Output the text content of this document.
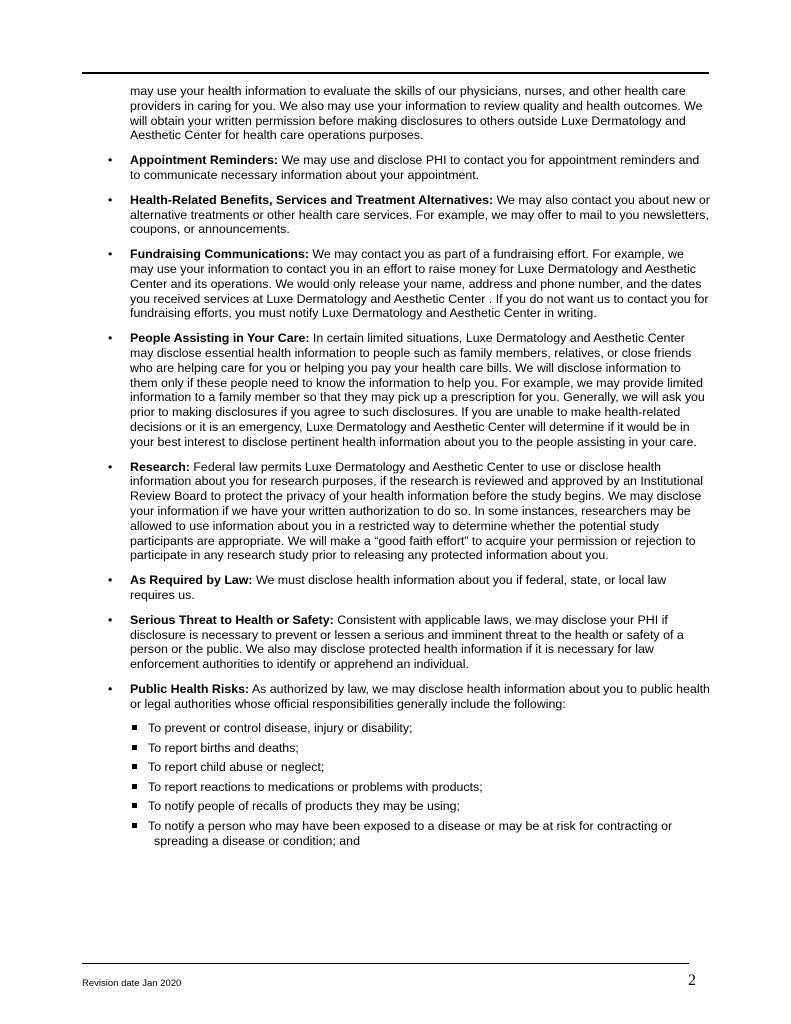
may use your health information to evaluate the skills of our physicians, nurses, and other health care providers in caring for you. We also may use your information to review quality and health outcomes. We will obtain your written permission before making disclosures to others outside Luxe Dermatology and Aesthetic Center for health care operations purposes.

• Appointment Reminders: We may use and disclose PHI to contact you for appointment reminders and to communicate necessary information about your appointment.
• Health-Related Benefits, Services and Treatment Alternatives: We may also contact you about new or alternative treatments or other health care services. For example, we may offer to mail to you newsletters, coupons, or announcements.
• Fundraising Communications: We may contact you as part of a fundraising effort. For example, we may use your information to contact you in an effort to raise money for Luxe Dermatology and Aesthetic Center and its operations. We would only release your name, address and phone number, and the dates you received services at Luxe Dermatology and Aesthetic Center . If you do not want us to contact you for fundraising efforts, you must notify Luxe Dermatology and Aesthetic Center in writing.
• People Assisting in Your Care: In certain limited situations, Luxe Dermatology and Aesthetic Center may disclose essential health information to people such as family members, relatives, or close friends who are helping care for you or helping you pay your health care bills. We will disclose information to them only if these people need to know the information to help you. For example, we may provide limited information to a family member so that they may pick up a prescription for you. Generally, we will ask you prior to making disclosures if you agree to such disclosures. If you are unable to make health-related decisions or it is an emergency, Luxe Dermatology and Aesthetic Center will determine if it would be in your best interest to disclose pertinent health information about you to the people assisting in your care.
• Research: Federal law permits Luxe Dermatology and Aesthetic Center to use or disclose health information about you for research purposes, if the research is reviewed and approved by an Institutional Review Board to protect the privacy of your health information before the study begins. We may disclose your information if we have your written authorization to do so. In some instances, researchers may be allowed to use information about you in a restricted way to determine whether the potential study participants are appropriate. We will make a “good faith effort” to acquire your permission or rejection to participate in any research study prior to releasing any protected information about you.
• As Required by Law: We must disclose health information about you if federal, state, or local law requires us.
• Serious Threat to Health or Safety: Consistent with applicable laws, we may disclose your PHI if disclosure is necessary to prevent or lessen a serious and imminent threat to the health or safety of a person or the public. We also may disclose protected health information if it is necessary for law enforcement authorities to identify or apprehend an individual.
• Public Health Risks: As authorized by law, we may disclose health information about you to public health or legal authorities whose official responsibilities generally include the following:
To prevent or control disease, injury or disability;
To report births and deaths;
To report child abuse or neglect;
To report reactions to medications or problems with products;
To notify people of recalls of products they may be using;
To notify a person who may have been exposed to a disease or may be at risk for contracting or
spreading a disease or condition; and
Revision date Jan 2020	2
